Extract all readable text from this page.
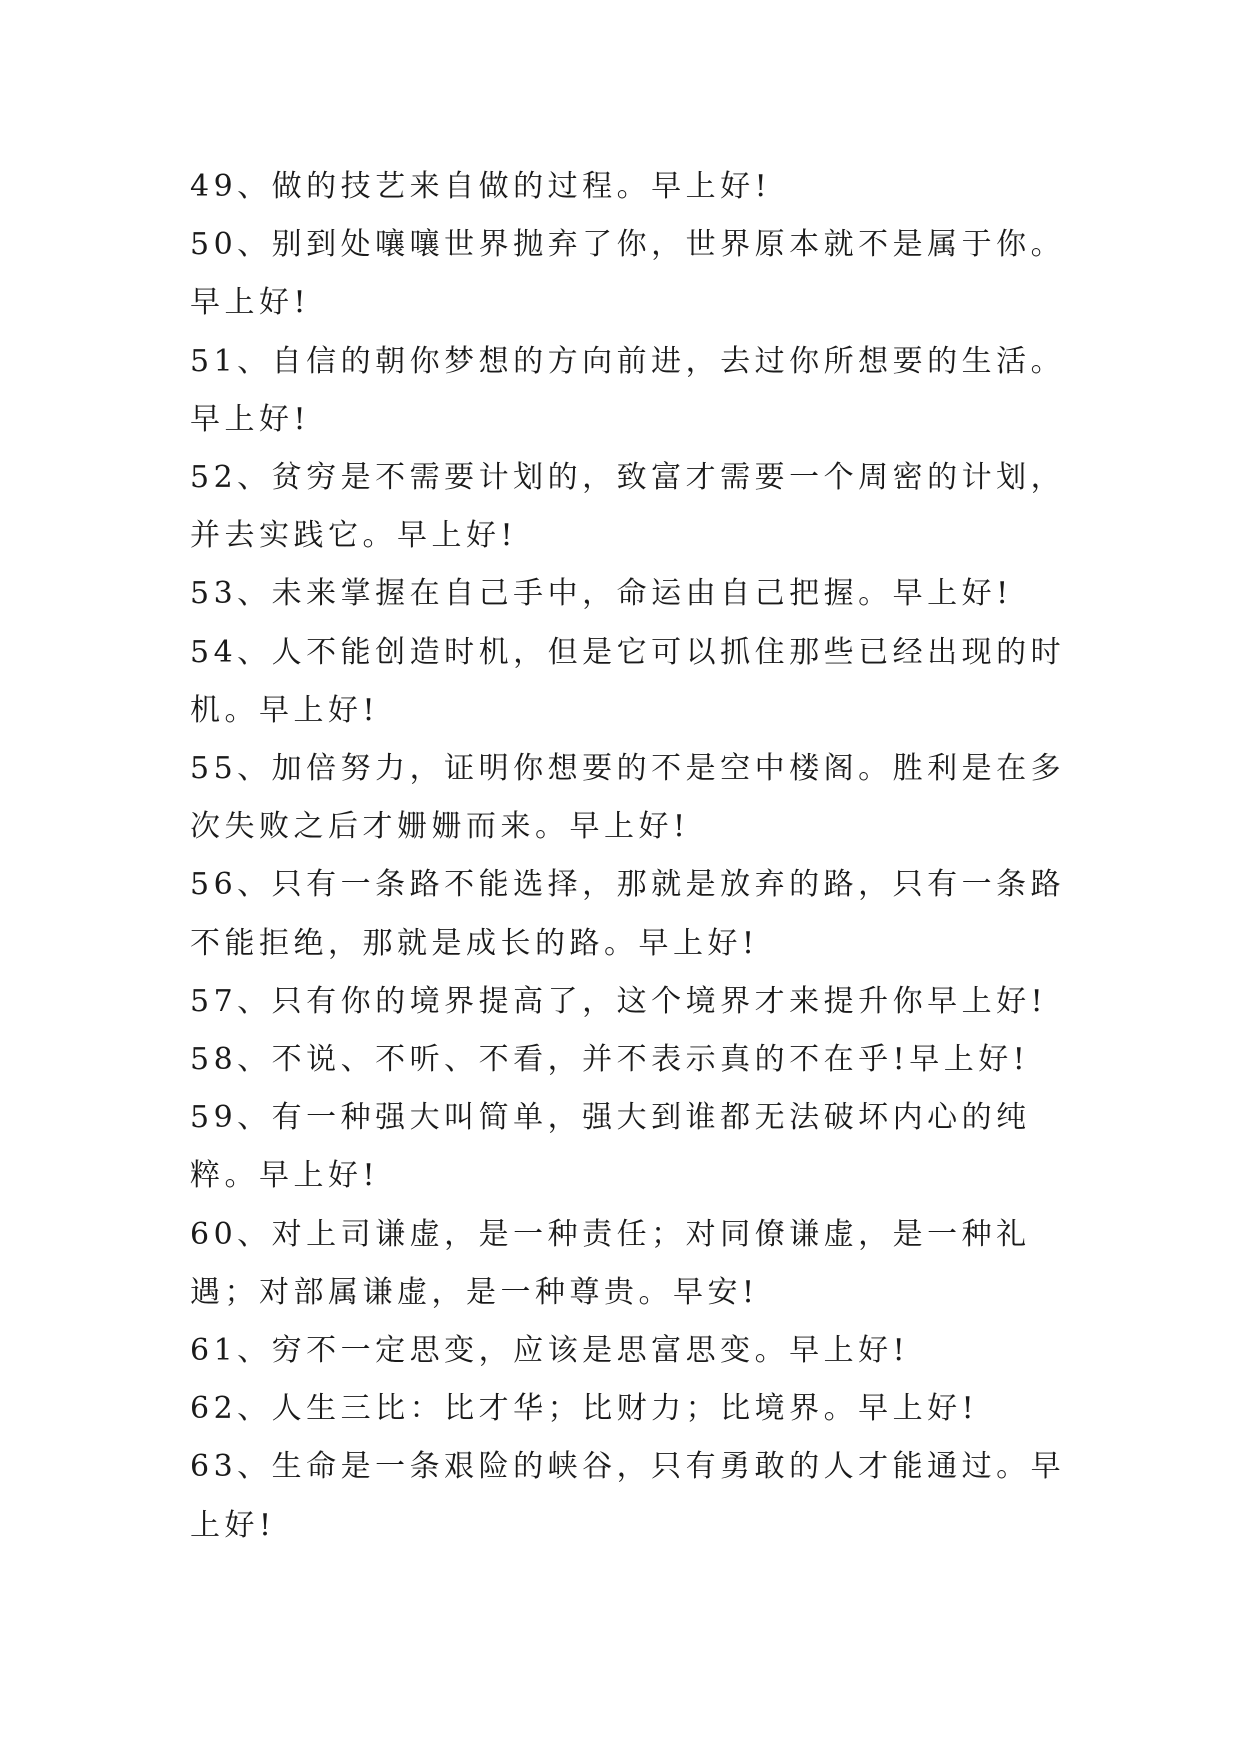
49、做的技艺来自做的过程。早上好!

50、别到处嚷嚷世界抛弃了你，世界原本就不是属于你。早上好!

51、自信的朝你梦想的方向前进，去过你所想要的生活。早上好!

52、贫穷是不需要计划的，致富才需要一个周密的计划，并去实践它。早上好!

53、未来掌握在自己手中，命运由自己把握。早上好!

54、人不能创造时机，但是它可以抓住那些已经出现的时机。早上好!

55、加倍努力，证明你想要的不是空中楼阁。胜利是在多次失败之后才姗姗而来。早上好!

56、只有一条路不能选择，那就是放弃的路，只有一条路不能拒绝，那就是成长的路。早上好!

57、只有你的境界提高了，这个境界才来提升你早上好!

58、不说、不听、不看，并不表示真的不在乎!早上好!

59、有一种强大叫简单，强大到谁都无法破坏内心的纯粹。早上好!

60、对上司谦虚，是一种责任；对同僚谦虚，是一种礼遇；对部属谦虚，是一种尊贵。早安!

61、穷不一定思变，应该是思富思变。早上好!

62、人生三比：比才华；比财力；比境界。早上好!

63、生命是一条艰险的峡谷，只有勇敢的人才能通过。早上好!
